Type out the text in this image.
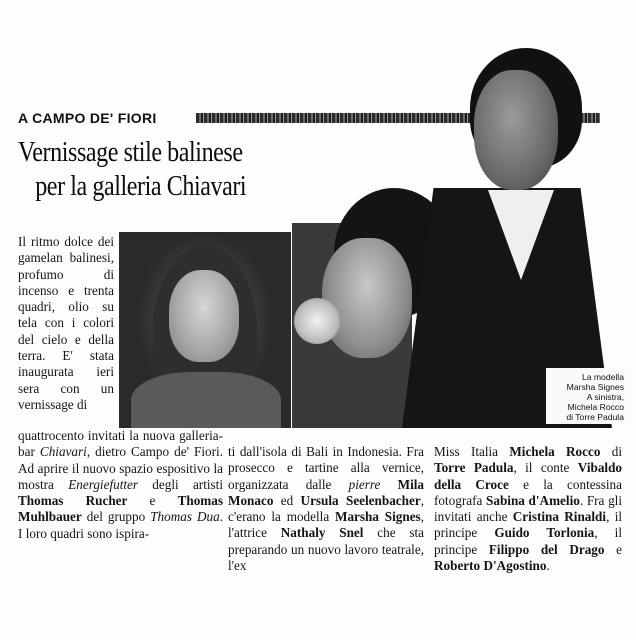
A CAMPO DE' FIORI
Vernissage stile balinese
per la galleria Chiavari
La modella
Marsha Signes
A sinistra,
Michela Rocco
di Torre Padula

Il ritmo dolce dei gamelan balinesi, profumo di incenso e trenta quadri, olio su tela con i colori del cielo e della terra. E' stata inaugurata ieri sera con un vernissage di

quattrocento invitati la nuova galleria-bar Chiavari, dietro Campo de' Fiori. Ad aprire il nuovo spazio espositivo la mostra Energiefutter degli artisti Thomas Rucher e Thomas Muhlbauer del gruppo Thomas Dua. I loro quadri sono ispira-

ti dall'isola di Bali in Indonesia. Fra prosecco e tartine alla vernice, organizzata dalle pierre Mila Monaco ed Ursula Seelenbacher, c'erano la modella Marsha Signes, l'attrice Nathaly Snel che sta preparando un nuovo lavoro teatrale, l'ex

Miss Italia Michela Rocco di Torre Padula, il conte Vibaldo della Croce e la contessina fotografa Sabina d'Amelio. Fra gli invitati anche Cristina Rinaldi, il principe Guido Torlonia, il principe Filippo del Drago e Roberto D'Agostino.
